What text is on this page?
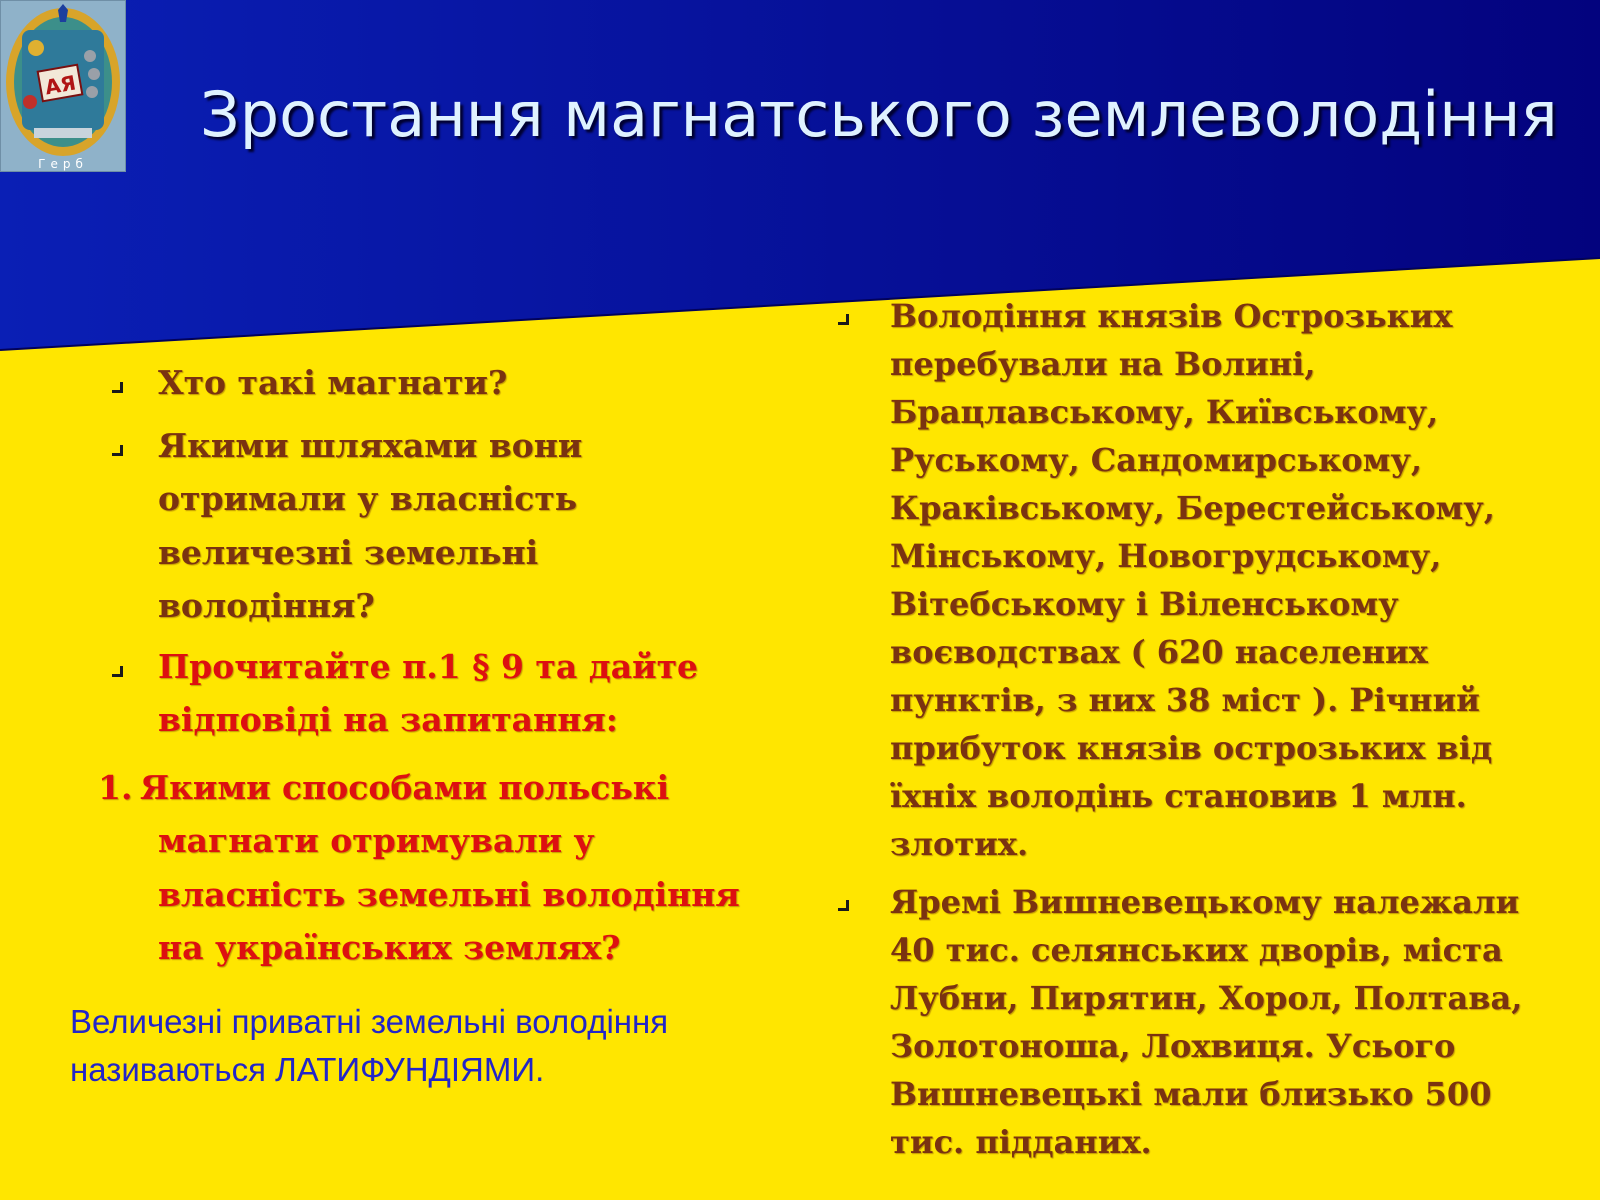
АЯ
Герб
Зростання магнатського землеволодіння
Хто такі магнати?
Якими шляхами вони
отримали у власність
величезні земельні
володіння?
Прочитайте п.1 § 9 та дайте
відповіді на запитання:
1. Якими способами польські
магнати отримували у
власність земельні володіння
на українських землях?
Величезні приватні земельні володіння
називаються ЛАТИФУНДІЯМИ.
Володіння князів Острозьких
перебували на Волині,
Брацлавському, Київському,
Руському, Сандомирському,
Краківському, Берестейському,
Мінському, Новогрудському,
Вітебському і Віленському
воєводствах ( 620 населених
пунктів, з них 38 міст ). Річний
прибуток князів острозьких від
їхніх володінь становив 1 млн.
злотих.
Яремі Вишневецькому належали
40 тис. селянських дворів, міста
Лубни, Пирятин, Хорол, Полтава,
Золотоноша, Лохвиця. Усього
Вишневецькі мали близько 500
тис. підданих.
